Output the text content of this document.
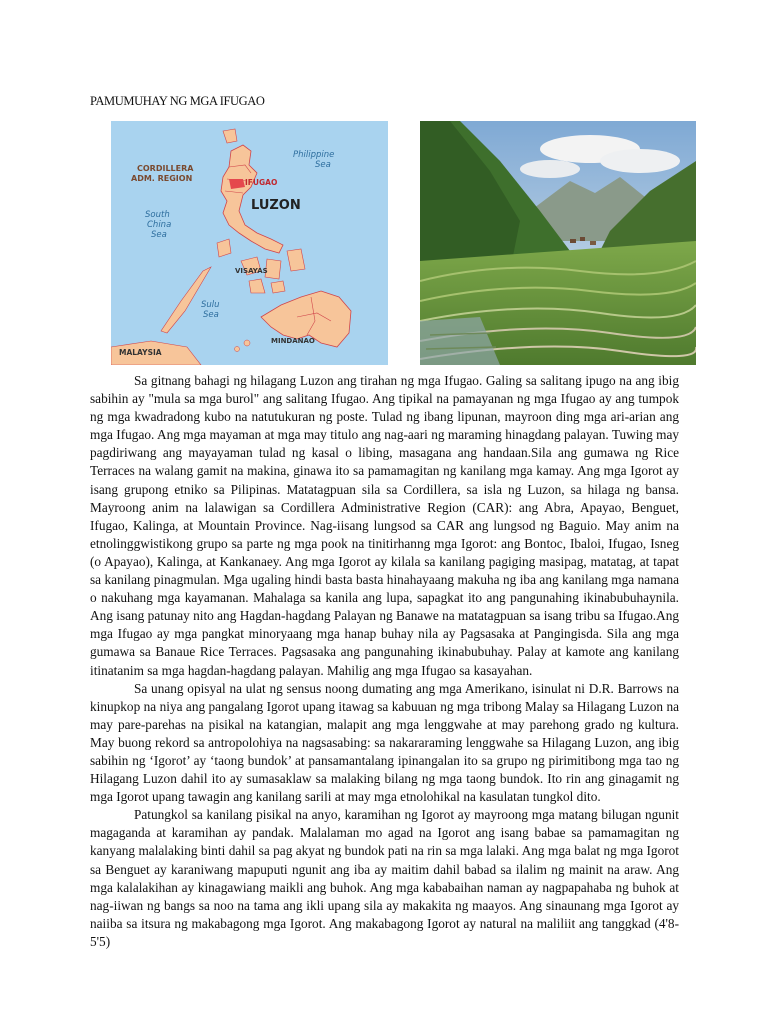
PAMUMUHAY NG MGA IFUGAO
CORDILLERA
ADM. REGION	IFUGAO
LUZON
Philippine
Sea
South
China
Sea
VISAYAS
Sulu
Sea
MINDANAO
MALAYSIA

Sa gitnang bahagi ng hilagang Luzon ang tirahan ng mga Ifugao. Galing sa salitang ipugo na ang ibig sabihin ay "mula sa mga burol" ang salitang Ifugao. Ang tipikal na pamayanan ng mga Ifugao ay ang tumpok ng mga kwadradong kubo na natutukuran ng poste. Tulad ng ibang lipunan, mayroon ding mga ari-arian ang mga Ifugao. Ang mga mayaman at mga may titulo ang nag-aari ng maraming hinagdang palayan. Tuwing may pagdiriwang ang mayayaman tulad ng kasal o libing, masagana ang handaan.Sila ang gumawa ng Rice Terraces na walang gamit na makina, ginawa ito sa pamamagitan ng kanilang mga kamay. Ang mga Igorot ay isang grupong etniko sa Pilipinas. Matatagpuan sila sa Cordillera, sa isla ng Luzon, sa hilaga ng bansa. Mayroong anim na lalawigan sa Cordillera Administrative Region (CAR): ang Abra, Apayao, Benguet, Ifugao, Kalinga, at Mountain Province. Nag-iisang lungsod sa CAR ang lungsod ng Baguio. May anim na etnolinggwistikong grupo sa parte ng mga pook na tinitirhanng mga Igorot: ang Bontoc, Ibaloi, Ifugao, Isneg (o Apayao), Kalinga, at Kankanaey. Ang mga Igorot ay kilala sa kanilang pagiging masipag, matatag, at tapat sa kanilang pinagmulan. Mga ugaling hindi basta basta hinahayaang makuha ng iba ang kanilang mga namana o nakuhang mga kayamanan. Mahalaga sa kanila ang lupa, sapagkat ito ang pangunahing ikinabubuhaynila. Ang isang patunay nito ang Hagdan-hagdang Palayan ng Banawe na matatagpuan sa isang tribu sa Ifugao.Ang mga Ifugao ay mga pangkat minoryaang mga hanap buhay nila ay Pagsasaka at Pangingisda. Sila ang mga gumawa sa Banaue Rice Terraces. Pagsasaka ang pangunahing ikinabubuhay. Palay at kamote ang kanilang itinatanim sa mga hagdan-hagdang palayan. Mahilig ang mga Ifugao sa kasayahan.

Sa unang opisyal na ulat ng sensus noong dumating ang mga Amerikano, isinulat ni D.R. Barrows na kinupkop na niya ang pangalang Igorot upang itawag sa kabuuan ng mga tribong Malay sa Hilagang Luzon na may pare-parehas na pisikal na katangian, malapit ang mga lenggwahe at may parehong grado ng kultura. May buong rekord sa antropolohiya na nagsasabing: sa nakararaming lenggwahe sa Hilagang Luzon, ang ibig sabihin ng ‘Igorot’ ay ‘taong bundok’ at pansamantalang ipinangalan ito sa grupo ng pirimitibong mga tao ng Hilagang Luzon dahil ito ay sumasaklaw sa malaking bilang ng mga taong bundok. Ito rin ang ginagamit ng mga Igorot upang tawagin ang kanilang sarili at may mga etnolohikal na kasulatan tungkol dito.

Patungkol sa kanilang pisikal na anyo, karamihan ng Igorot ay mayroong mga matang bilugan ngunit magaganda at karamihan ay pandak. Malalaman mo agad na Igorot ang isang babae sa pamamagitan ng kanyang malalaking binti dahil sa pag akyat ng bundok pati na rin sa mga lalaki. Ang mga balat ng mga Igorot sa Benguet ay karaniwang mapuputi ngunit ang iba ay maitim dahil babad sa ilalim ng mainit na araw. Ang mga kalalakihan ay kinagawiang maikli ang buhok. Ang mga kababaihan naman ay nagpapahaba ng buhok at nag-iiwan ng bangs sa noo na tama ang ikli upang sila ay makakita ng maayos. Ang sinaunang mga Igorot ay naiiba sa itsura ng makabagong mga Igorot. Ang makabagong Igorot ay natural na maliliit ang tanggkad (4'8-5'5)
